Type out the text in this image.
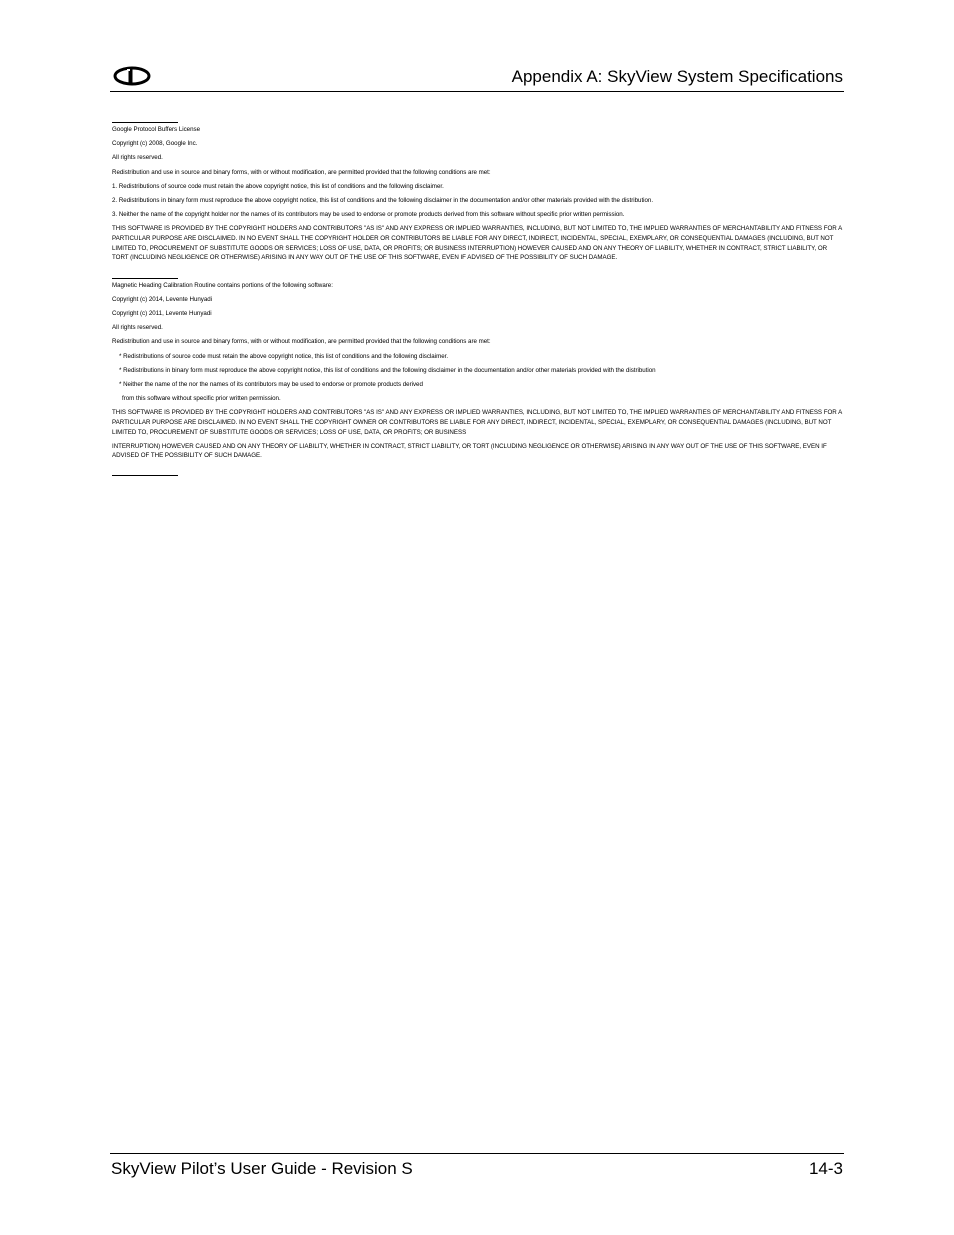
Appendix A: SkyView System Specifications
Google Protocol Buffers License
Copyright (c) 2008, Google Inc.
All rights reserved.
Redistribution and use in source and binary forms, with or without modification, are permitted provided that the following conditions are met:
1. Redistributions of source code must retain the above copyright notice, this list of conditions and the following disclaimer.
2. Redistributions in binary form must reproduce the above copyright notice, this list of conditions and the following disclaimer in the documentation and/or other materials provided with the distribution.
3. Neither the name of the copyright holder nor the names of its contributors may be used to endorse or promote products derived from this software without specific prior written permission.
THIS SOFTWARE IS PROVIDED BY THE COPYRIGHT HOLDERS AND CONTRIBUTORS "AS IS" AND ANY EXPRESS OR IMPLIED WARRANTIES, INCLUDING, BUT NOT LIMITED TO, THE IMPLIED WARRANTIES OF MERCHANTABILITY AND FITNESS FOR A PARTICULAR PURPOSE ARE DISCLAIMED. IN NO EVENT SHALL THE COPYRIGHT HOLDER OR CONTRIBUTORS BE LIABLE FOR ANY DIRECT, INDIRECT, INCIDENTAL, SPECIAL, EXEMPLARY, OR CONSEQUENTIAL DAMAGES (INCLUDING, BUT NOT LIMITED TO, PROCUREMENT OF SUBSTITUTE GOODS OR SERVICES; LOSS OF USE, DATA, OR PROFITS; OR BUSINESS INTERRUPTION) HOWEVER CAUSED AND ON ANY THEORY OF LIABILITY, WHETHER IN CONTRACT, STRICT LIABILITY, OR TORT (INCLUDING NEGLIGENCE OR OTHERWISE) ARISING IN ANY WAY OUT OF THE USE OF THIS SOFTWARE, EVEN IF ADVISED OF THE POSSIBILITY OF SUCH DAMAGE.
Magnetic Heading Calibration Routine contains portions of the following software:
Copyright (c) 2014, Levente Hunyadi
Copyright (c) 2011, Levente Hunyadi
All rights reserved.
Redistribution and use in source and binary forms, with or without modification, are permitted provided that the following conditions are met:
* Redistributions of source code must retain the above copyright notice, this list of conditions and the following disclaimer.
* Redistributions in binary form must reproduce the above copyright notice, this list of conditions and the following disclaimer in the documentation and/or other materials provided with the distribution
* Neither the name of the nor the names of its contributors may be used to endorse or promote products derived
from this software without specific prior written permission.
THIS SOFTWARE IS PROVIDED BY THE COPYRIGHT HOLDERS AND CONTRIBUTORS "AS IS" AND ANY EXPRESS OR IMPLIED WARRANTIES, INCLUDING, BUT NOT LIMITED TO, THE IMPLIED WARRANTIES OF MERCHANTABILITY AND FITNESS FOR A PARTICULAR PURPOSE ARE DISCLAIMED. IN NO EVENT SHALL THE COPYRIGHT OWNER OR CONTRIBUTORS BE LIABLE FOR ANY DIRECT, INDIRECT, INCIDENTAL, SPECIAL, EXEMPLARY, OR CONSEQUENTIAL DAMAGES (INCLUDING, BUT NOT LIMITED TO, PROCUREMENT OF SUBSTITUTE GOODS OR SERVICES; LOSS OF USE, DATA, OR PROFITS; OR BUSINESS
INTERRUPTION) HOWEVER CAUSED AND ON ANY THEORY OF LIABILITY, WHETHER IN CONTRACT, STRICT LIABILITY, OR TORT (INCLUDING NEGLIGENCE OR OTHERWISE) ARISING IN ANY WAY OUT OF THE USE OF THIS SOFTWARE, EVEN IF ADVISED OF THE POSSIBILITY OF SUCH DAMAGE.
SkyView Pilot’s User Guide - Revision S	14-3
